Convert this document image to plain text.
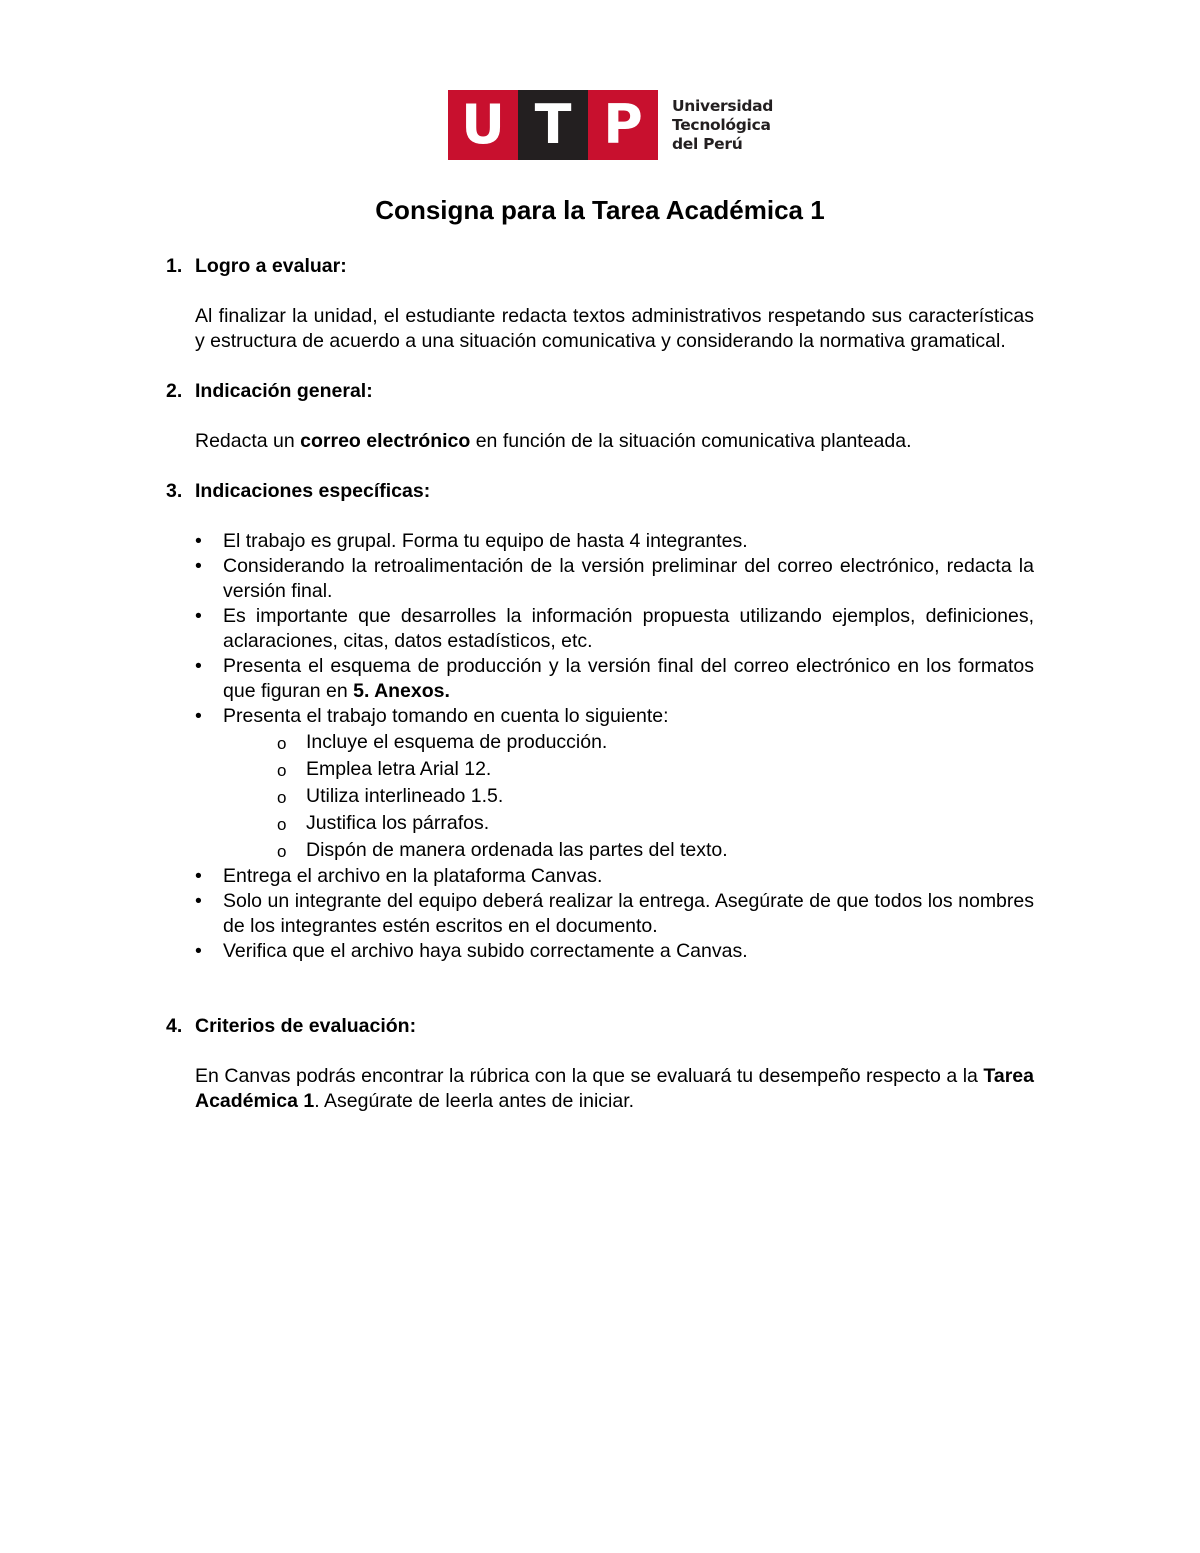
U T P	Universidad
Tecnológica
del Perú
Consigna para la Tarea Académica 1
1. Logro a evaluar:

Al finalizar la unidad, el estudiante redacta textos administrativos respetando sus características y estructura de acuerdo a una situación comunicativa y considerando la normativa gramatical.

2. Indicación general:

Redacta un correo electrónico en función de la situación comunicativa planteada.

3. Indicaciones específicas:
• El trabajo es grupal. Forma tu equipo de hasta 4 integrantes.
• Considerando la retroalimentación de la versión preliminar del correo electrónico, redacta la versión final.
• Es importante que desarrolles la información propuesta utilizando ejemplos, definiciones, aclaraciones, citas, datos estadísticos, etc.
• Presenta el esquema de producción y la versión final del correo electrónico en los formatos que figuran en 5. Anexos.
• Presenta el trabajo tomando en cuenta lo siguiente:
o Incluye el esquema de producción.
o Emplea letra Arial 12.
o Utiliza interlineado 1.5.
o Justifica los párrafos.
o Dispón de manera ordenada las partes del texto.
• Entrega el archivo en la plataforma Canvas.
• Solo un integrante del equipo deberá realizar la entrega. Asegúrate de que todos los nombres de los integrantes estén escritos en el documento.
• Verifica que el archivo haya subido correctamente a Canvas.
4. Criterios de evaluación:

En Canvas podrás encontrar la rúbrica con la que se evaluará tu desempeño respecto a la Tarea Académica 1. Asegúrate de leerla antes de iniciar.
